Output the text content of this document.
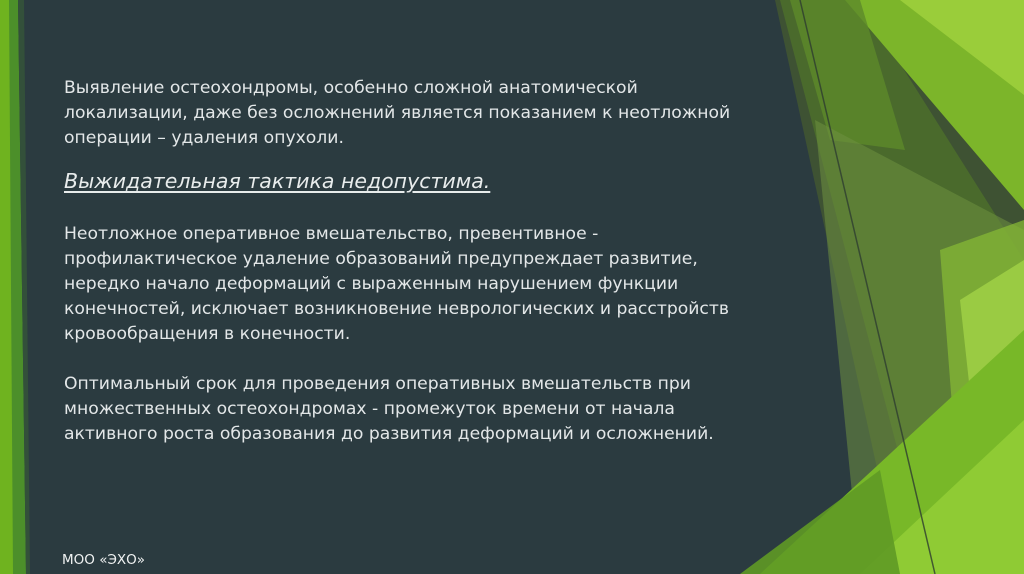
Выявление остеохондромы, особенно сложной анатомической локализации, даже без осложнений является показанием к неотложной операции – удаления опухоли.

Выжидательная тактика недопустима.

Неотложное оперативное вмешательство, превентивное - профилактическое удаление образований предупреждает развитие, нередко начало деформаций с выраженным нарушением функции конечностей, исключает возникновение неврологических и расстройств кровообращения в конечности.

Оптимальный срок для проведения оперативных вмешательств при множественных остеохондромах - промежуток времени от начала активного роста образования до развития деформаций и осложнений.

МОО «ЭХО»
